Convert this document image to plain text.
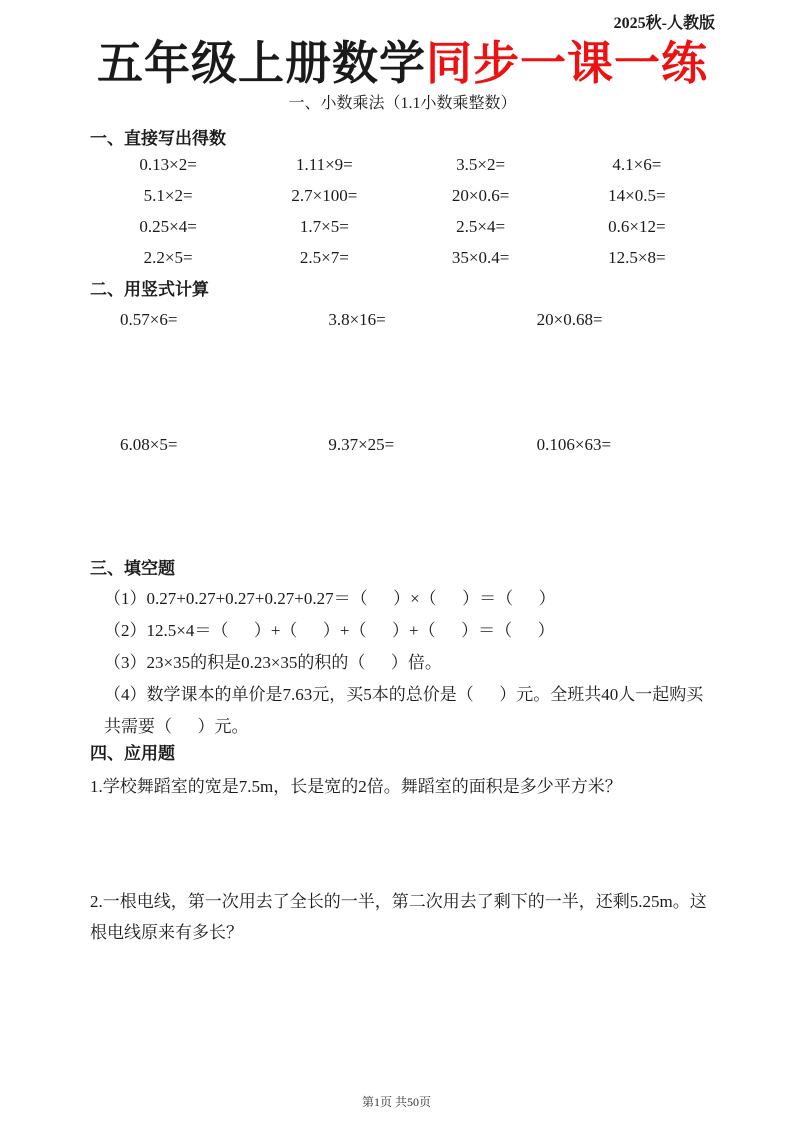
2025秋-人教版
五年级上册数学同步一课一练
一、小数乘法（1.1小数乘整数）
一、直接写出得数
0.13×2=	1.11×9=	3.5×2=	4.1×6=
5.1×2=	2.7×100=	20×0.6=	14×0.5=
0.25×4=	1.7×5=	2.5×4=	0.6×12=
2.2×5=	2.5×7=	35×0.4=	12.5×8=
二、用竖式计算
0.57×6=	3.8×16=	20×0.68=
6.08×5=	9.37×25=	0.106×63=
三、填空题

（1）0.27+0.27+0.27+0.27+0.27＝（      ）×（      ）＝（      ）

（2）12.5×4＝（      ）+（      ）+（      ）+（      ）＝（      ）

（3）23×35的积是0.23×35的积的（      ）倍。

（4）数学课本的单价是7.63元，买5本的总价是（      ）元。全班共40人一起购买共需要（      ）元。

四、应用题

1.学校舞蹈室的宽是7.5m，长是宽的2倍。舞蹈室的面积是多少平方米？

2.一根电线，第一次用去了全长的一半，第二次用去了剩下的一半，还剩5.25m。这根电线原来有多长？

第1页 共50页
